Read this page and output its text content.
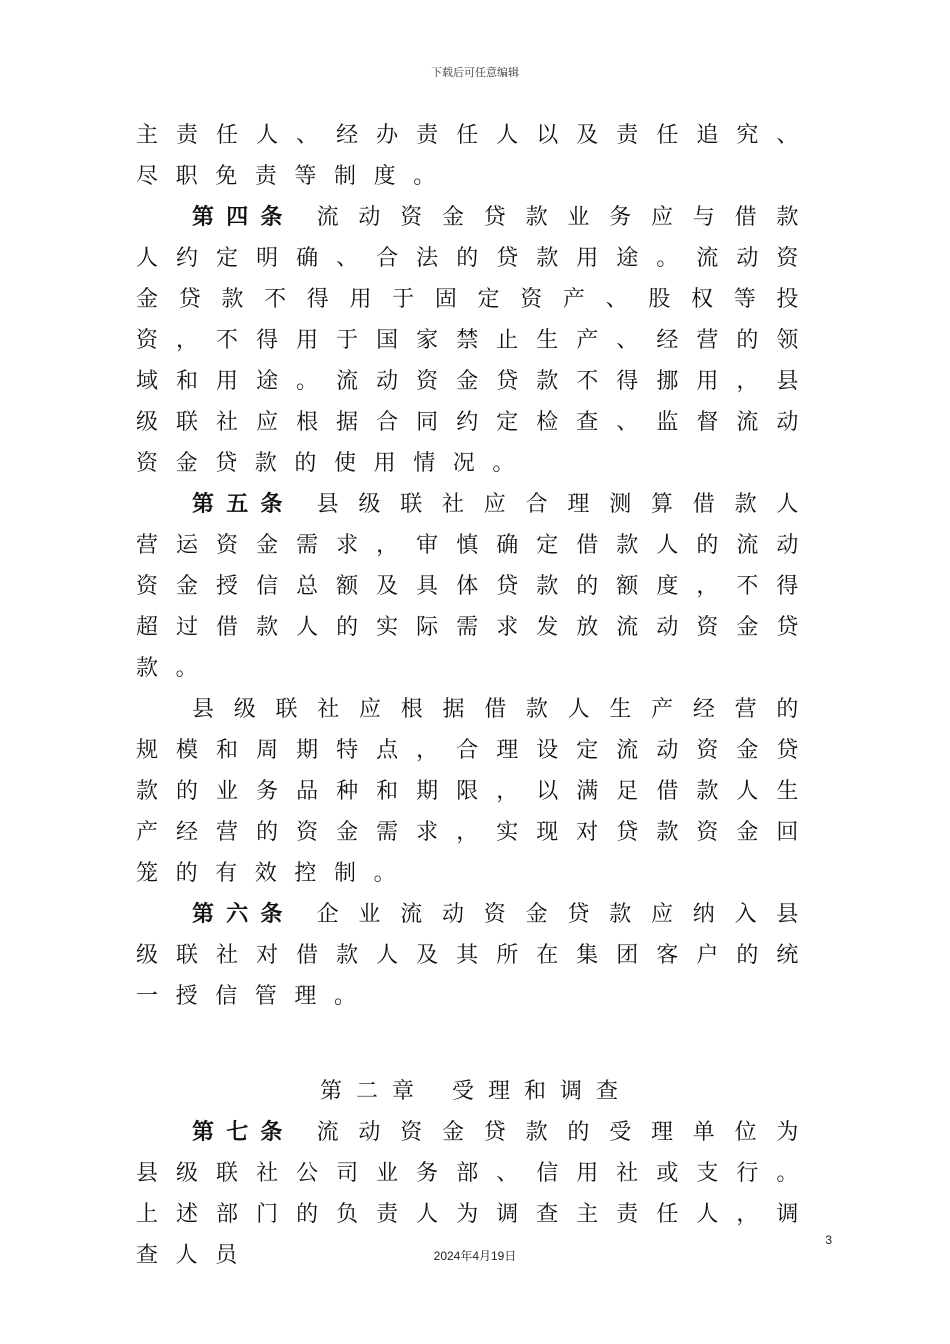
下载后可任意编辑

主责任人、经办责任人以及责任追究、尽职免责等制度。

第四条 流动资金贷款业务应与借款人约定明确、合法的贷款用途。流动资金贷款不得用于固定资产、股权等投资，不得用于国家禁止生产、经营的领域和用途。流动资金贷款不得挪用，县级联社应根据合同约定检查、监督流动资金贷款的使用情况。

第五条 县级联社应合理测算借款人营运资金需求，审慎确定借款人的流动资金授信总额及具体贷款的额度，不得超过借款人的实际需求发放流动资金贷款。

县级联社应根据借款人生产经营的规模和周期特点，合理设定流动资金贷款的业务品种和期限，以满足借款人生产经营的资金需求，实现对贷款资金回笼的有效控制。

第六条 企业流动资金贷款应纳入县级联社对借款人及其所在集团客户的统一授信管理。

第二章 受理和调查

第七条 流动资金贷款的受理单位为县级联社公司业务部、信用社或支行。上述部门的负责人为调查主责任人，调查人员

3
2024年4月19日
